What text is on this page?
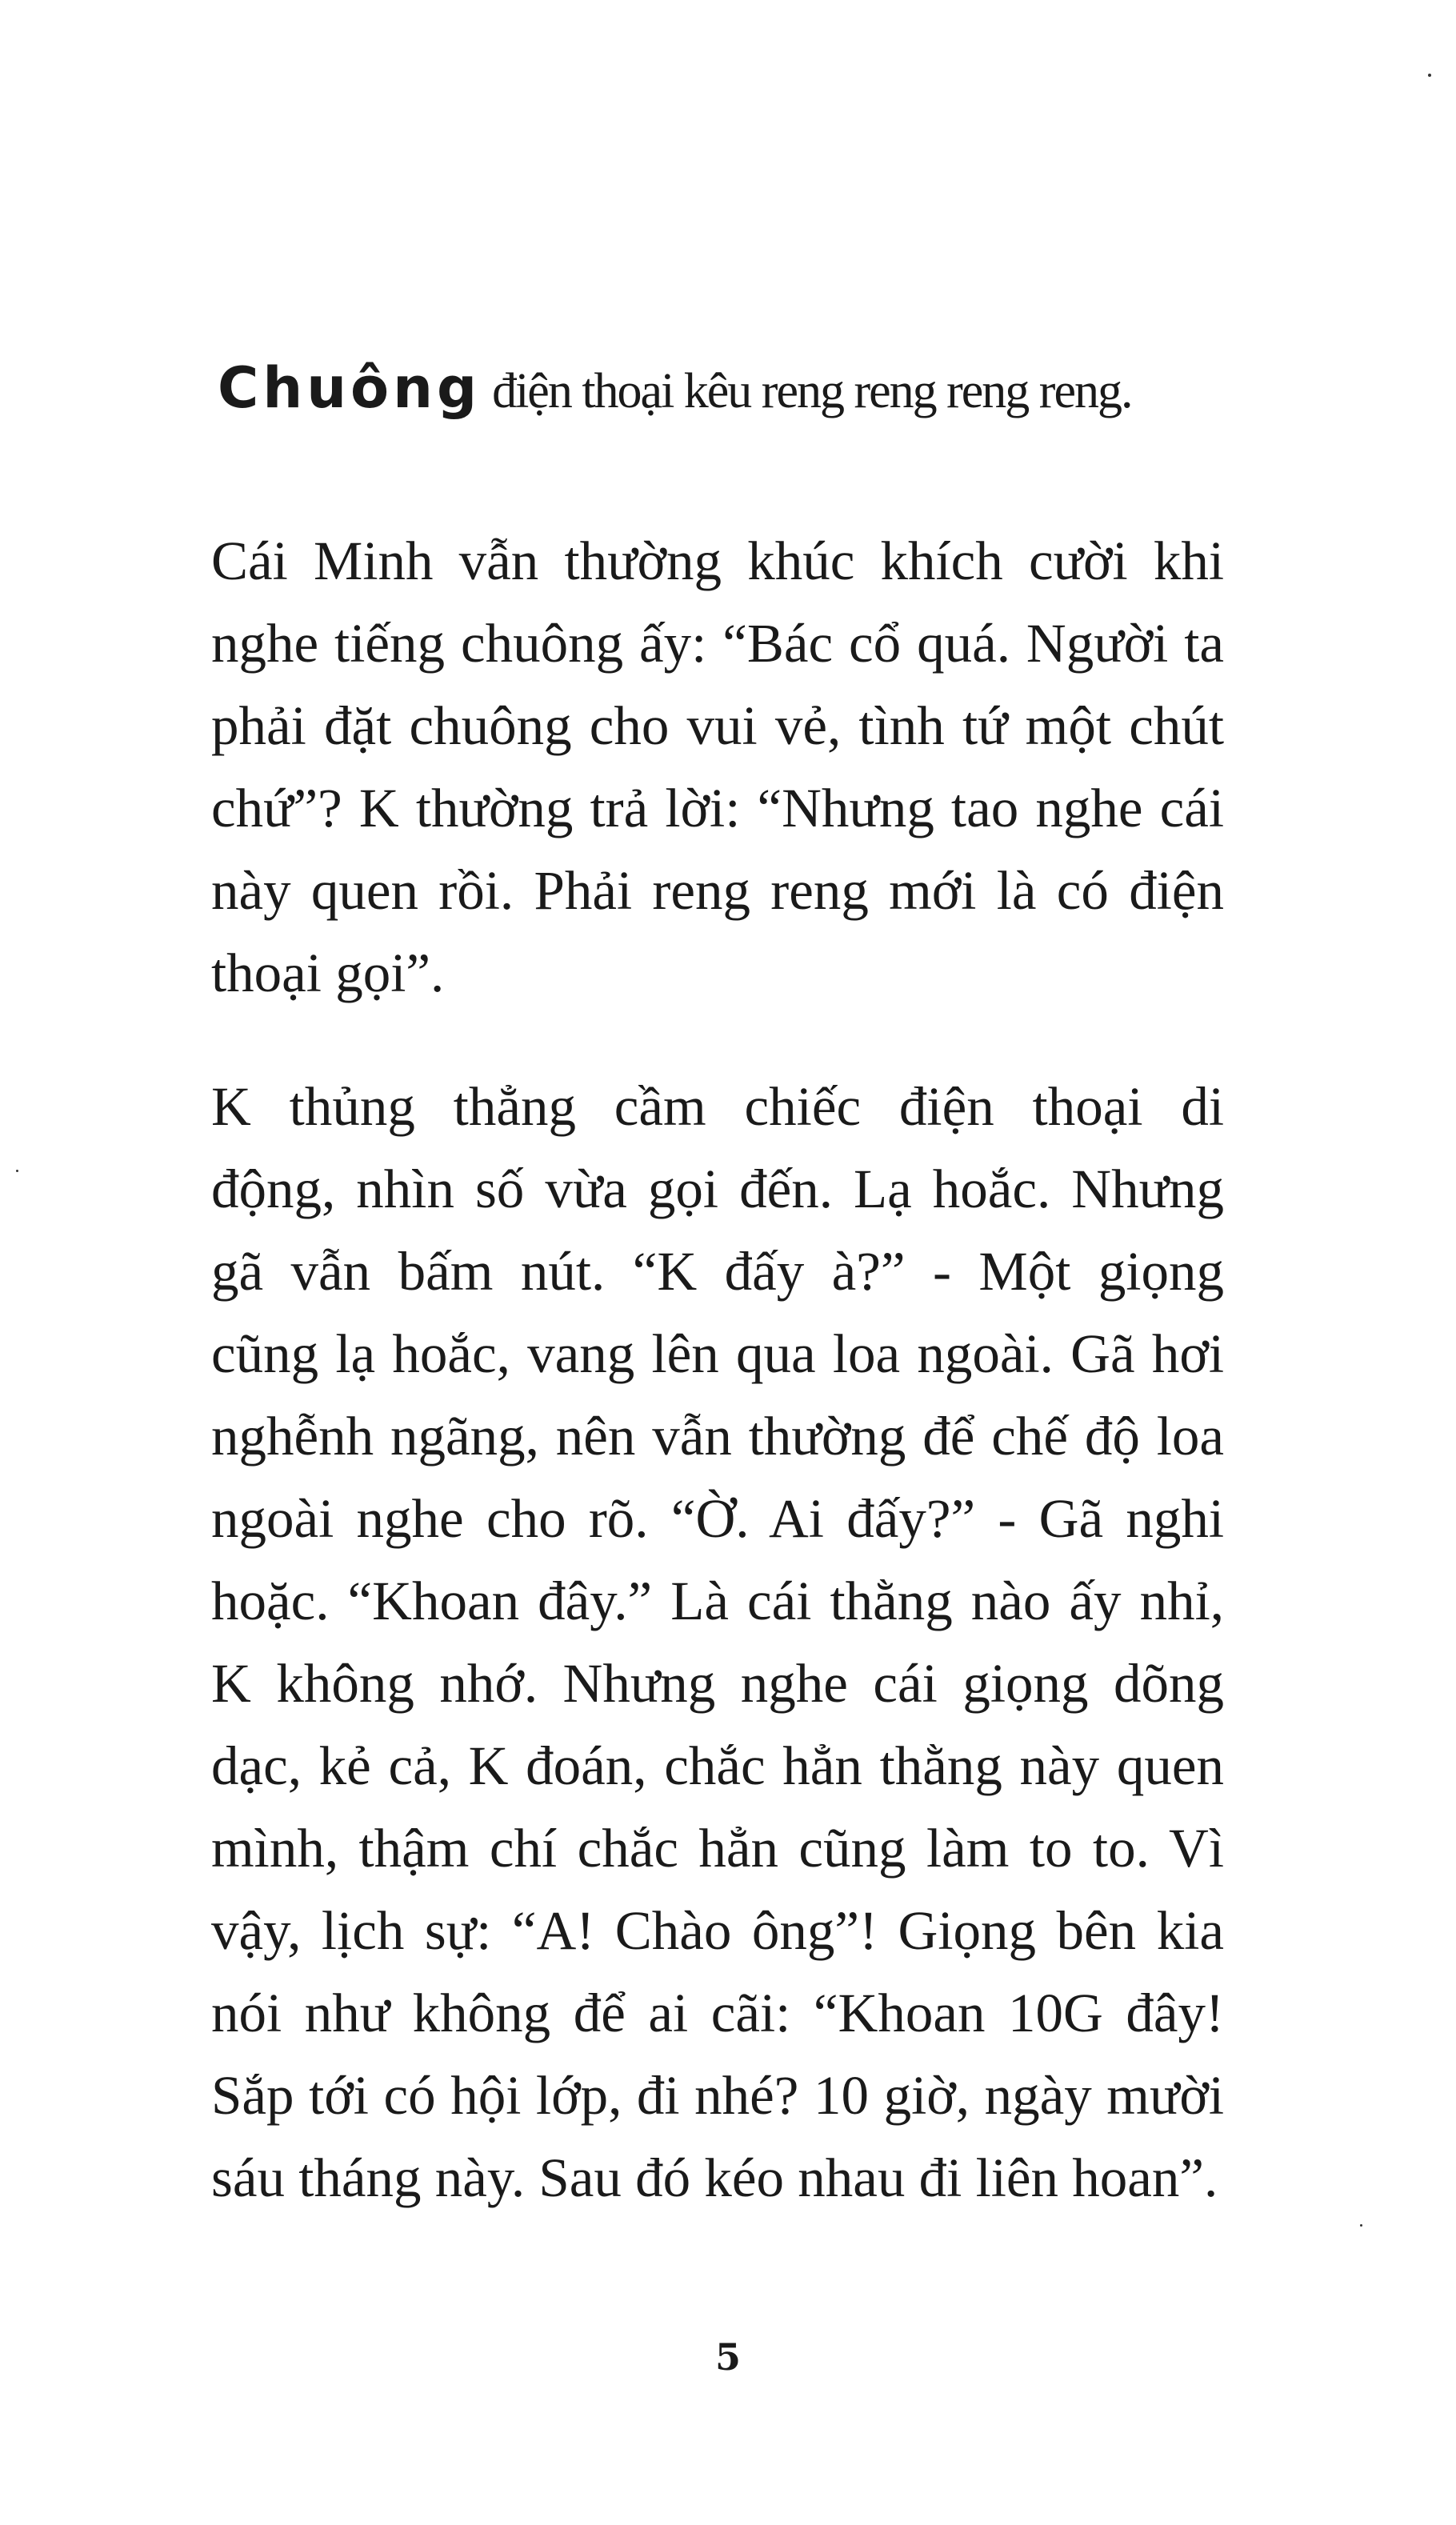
Chuông điện thoại kêu reng reng reng reng.

Cái Minh vẫn thường khúc khích cười khi
nghe tiếng chuông ấy: “Bác cổ quá. Người ta
phải đặt chuông cho vui vẻ, tình tứ một chút
chứ”? K thường trả lời: “Nhưng tao nghe cái
này quen rồi. Phải reng reng mới là có điện
thoại gọi”.

K thủng thẳng cầm chiếc điện thoại di
động, nhìn số vừa gọi đến. Lạ hoắc. Nhưng
gã vẫn bấm nút. “K đấy à?” - Một giọng
cũng lạ hoắc, vang lên qua loa ngoài. Gã hơi
nghễnh ngãng, nên vẫn thường để chế độ loa
ngoài nghe cho rõ. “Ờ. Ai đấy?” - Gã nghi
hoặc. “Khoan đây.” Là cái thằng nào ấy nhỉ,
K không nhớ. Nhưng nghe cái giọng dõng
dạc, kẻ cả, K đoán, chắc hẳn thằng này quen
mình, thậm chí chắc hẳn cũng làm to to. Vì
vậy, lịch sự: “A! Chào ông”! Giọng bên kia
nói như không để ai cãi: “Khoan 10G đây!
Sắp tới có hội lớp, đi nhé? 10 giờ, ngày mười
sáu tháng này. Sau đó kéo nhau đi liên hoan”.

5
